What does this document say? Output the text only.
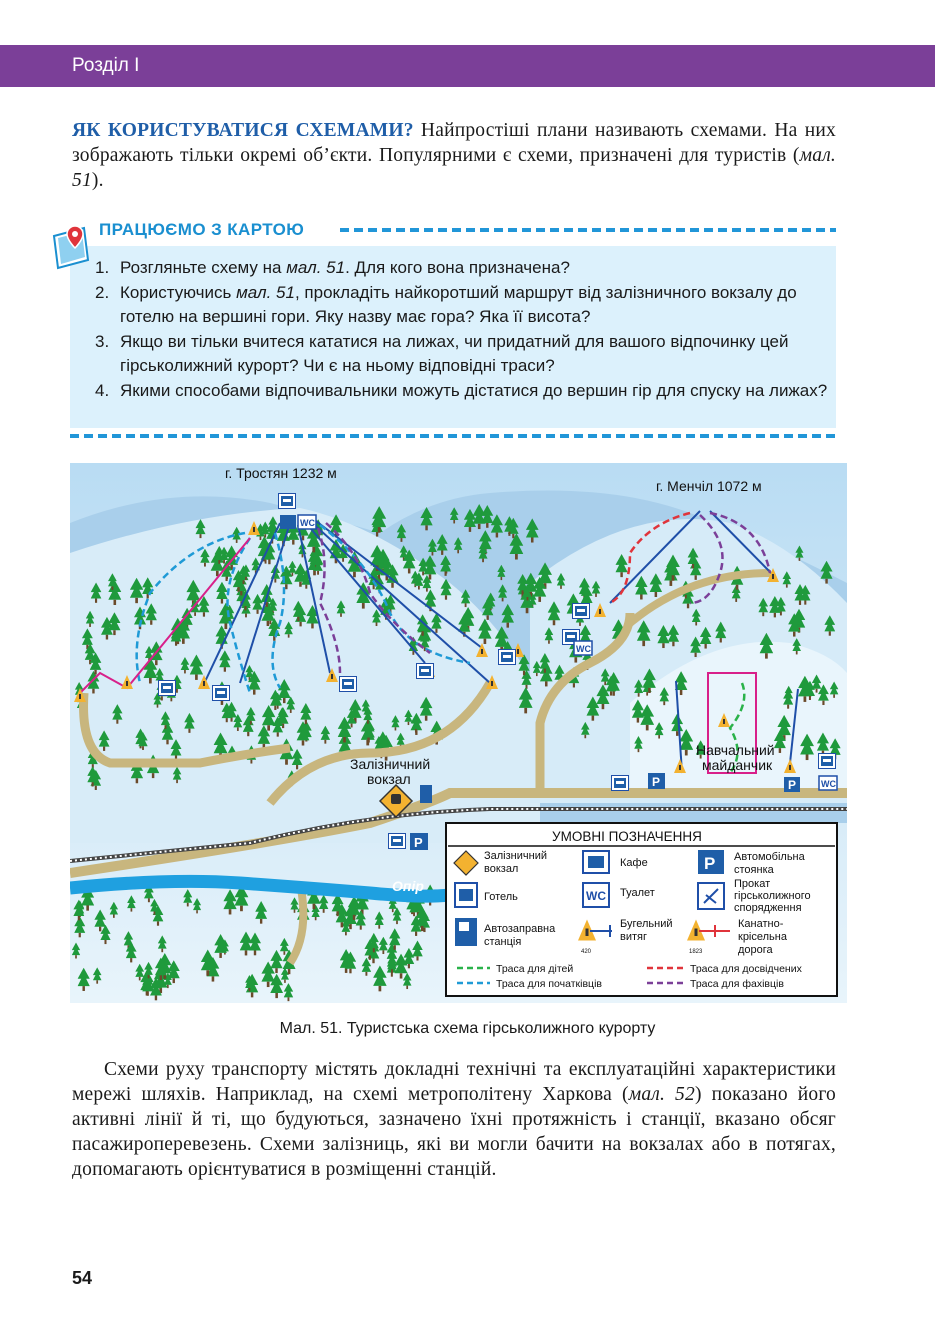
Розділ I

ЯК КОРИСТУВАТИСЯ СХЕМАМИ? Найпростіші плани називають схемами. На них зображають тільки окремі об’єкти. Популярними є схеми, призначені для туристів (мал. 51).

ПРАЦЮЄМО З КАРТОЮ
1. Розгляньте схему на мал. 51. Для кого вона призначена?
2. Користуючись мал. 51, прокладіть найкоротший маршрут від залізничного вокзалу до готелю на вершині гори. Яку назву має гора? Яка її висота?
3. Якщо ви тільки вчитеся кататися на лижах, чи придатний для вашого відпочинку цей гірськолижний курорт? Чи є на ньому відповідні траси?
4. Якими способами відпочивальники можуть дістатися до вершин гір для спуску на лижах?
Опір
WC
WC
WC
P
P	P
г. Тростян 1232 м
г. Менчіл 1072 м
Залізничний
вокзал
Навчальний
майданчик
УМОВНІ ПОЗНАЧЕННЯ
Залізничний
вокзал	Кафе	P Автомобільна
стоянка
Готель	WC Туалет
Прокат
гірськолижного
спорядження
Автозаправна
станція
420
Бугельний
витяг
1823
Канатно-
крісельна
дорога
Траса для дітей
Траса для початківців
Траса для досвідчених
Траса для фахівців
Мал. 51. Туристська схема гірськолижного курорту

Схеми руху транспорту містять докладні технічні та експлуатаційні характеристики мережі шляхів. Наприклад, на схемі метрополітену Харкова (мал. 52) показано його активні лінії й ті, що будуються, зазначено їхні протяжність і станції, вказано обсяг пасажироперевезень. Схеми залізниць, які ви могли бачити на вокзалах або в потягах, допомагають орієнтуватися в розміщенні станцій.

54
